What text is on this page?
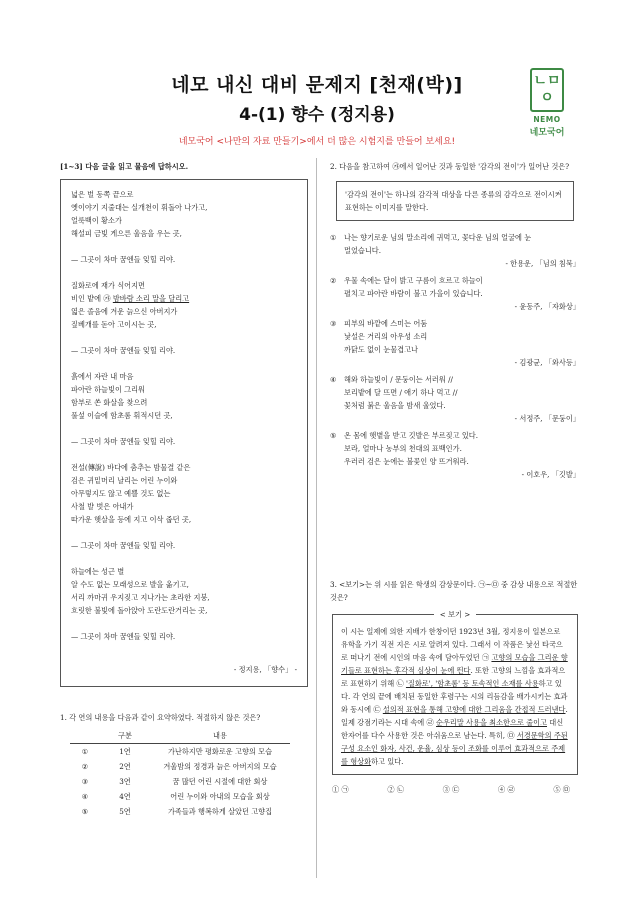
네모 내신 대비 문제지 [천재(박)]
4-(1) 향수 (정지용)
네모국어 <나만의 자료 만들기>에서 더 많은 시험지를 만들어 보세요!
ㄴㅁ
ㅇ
NEMO
네모국어
[1~3] 다음 글을 읽고 물음에 답하시오.
넓은 벌 동쪽 끝으로
옛이야기 지줄대는 실개천이 휘돌아 나가고,
얼룩백이 황소가
해설피 금빛 게으른 울음을 우는 곳,
— 그곳이 차마 꿈엔들 잊힐 리야.
질화로에 재가 식어지면
비인 밭에 ㉮ 밤바람 소리 말을 달리고
엷은 졸음에 겨운 늙으신 아버지가
짚베개를 돋아 고이시는 곳,
— 그곳이 차마 꿈엔들 잊힐 리야.
흙에서 자란 내 마음
파아란 하늘빛이 그리워
함부로 쏜 화살을 찾으려
풀섶 이슬에 함초롬 휘적시던 곳,
— 그곳이 차마 꿈엔들 잊힐 리야.
전설(傳說) 바다에 춤추는 밤물결 같은
검은 귀밑머리 날리는 어린 누이와
아무렇지도 않고 예쁠 것도 없는
사철 발 벗은 아내가
따가운 햇살을 등에 지고 이삭 줍던 곳,
— 그곳이 차마 꿈엔들 잊힐 리야.
하늘에는 성근 별
알 수도 없는 모래성으로 발을 옮기고,
서리 까마귀 우지짖고 지나가는 초라한 지붕,
흐릿한 불빛에 돌아앉아 도란도란거리는 곳,
— 그곳이 차마 꿈엔들 잊힐 리야.
- 정지용, 「향수」 -
1. 각 연의 내용을 다음과 같이 요약하였다. 적절하지 않은 것은?
	구분	내용
①	1연	가난하지만 평화로운 고향의 모습
②	2연	겨울밤의 정경과 늙은 아버지의 모습
③	3연	꿈 많던 어린 시절에 대한 회상
④	4연	어린 누이와 아내의 모습을 회상
⑤	5연	가족들과 행복하게 살았던 고향집
2. 다음을 참고하여 ㉮에서 일어난 것과 동일한 '감각의 전이'가 일어난 것은?
'감각의 전이'는 하나의 감각적 대상을 다른 종류의 감각으로 전이시켜 표현하는 이미지를 말한다.
①	나는 향기로운 님의 말소리에 귀먹고, 꽃다운 님의 얼굴에 눈
멀었습니다.
- 한용운, 「님의 침묵」
②	우물 속에는 달이 밝고 구름이 흐르고 하늘이
펼치고 파아란 바람이 불고 가을이 있습니다.
- 윤동주, 「자화상」
③	피부의 바깥에 스미는 어둠
낯설은 거리의 아우성 소리
까닭도 없이 눈물겹고나
- 김광균, 「와사등」
④	해와 하늘빛이 / 문둥이는 서러워 //
보리밭에 달 뜨면 / 애기 하나 먹고 //
꽃처럼 붉은 울음을 밤새 울었다.
- 서정주, 「문둥이」
⑤	온 몸에 햇볕을 받고 깃발은 부르짖고 있다.
보라, 얼마나 농부의 천대의 표백인가.
우러러 검은 눈에는 불꽃인 양 뜨거워라.
- 이호우, 「깃발」
3. <보기>는 위 시를 읽은 학생의 감상문이다. ㉠~㉤ 중 감상 내용으로 적절한 것은?
< 보기 >
이 시는 일제에 의한 지배가 한창이던 1923년 3월, 정지용이 일본으로 유학을 가기 직전 지은 시로 알려져 있다. 그래서 이 작품은 낯선 타국으로 떠나기 전에 시인의 마음 속에 담아두었던 ㉠ 고향의 모습을 그리운 향기들로 표현하는 후각적 심상이 눈에 띈다. 또한 고향의 느낌을 효과적으로 표현하기 위해 ㉡ '질화로', '함초롬' 등 토속적인 소재를 사용하고 있다. 각 연의 끝에 배치된 동일한 후렴구는 시의 리듬감을 배가시키는 효과와 동시에 ㉢ 설의적 표현을 통해 고향에 대한 그리움을 간접적 드러낸다. 일제 강점기라는 시대 속에 ㉣ 순우리말 사용을 최소한으로 줄이고 대신 한자어를 다수 사용한 것은 아쉬움으로 남는다. 특히, ㉤ 서경문학의 주된 구성 요소인 화자, 사건, 운율, 심상 등이 조화를 이루어 효과적으로 주제를 형상화하고 있다.
① ㉠	② ㉡	③ ㉢	④ ㉣	⑤ ㉤
